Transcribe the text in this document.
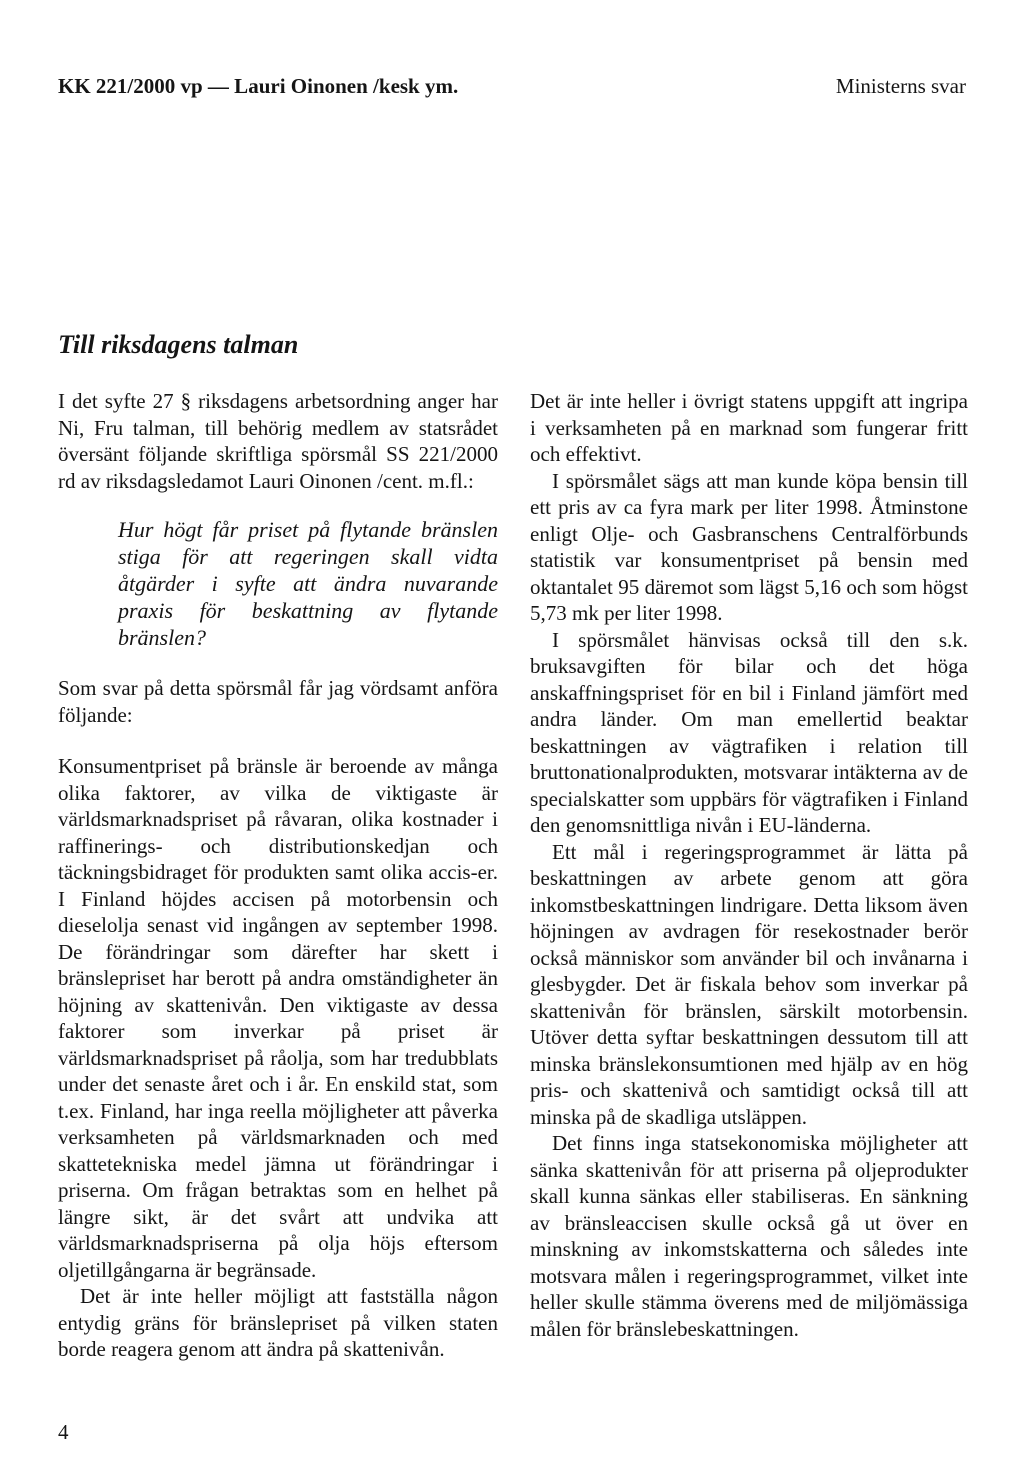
KK 221/2000 vp — Lauri Oinonen /kesk ym.	Ministerns svar
Till riksdagens talman

I det syfte 27 § riksdagens arbetsordning anger har Ni, Fru talman, till behörig medlem av statsrådet översänt följande skriftliga spörsmål SS 221/2000 rd av riksdagsledamot Lauri Oinonen /cent. m.fl.:

Hur högt får priset på flytande bränslen stiga för att regeringen skall vidta åtgärder i syfte att ändra nuvarande praxis för beskattning av flytande bränslen?

Som svar på detta spörsmål får jag vördsamt anföra följande:

Konsumentpriset på bränsle är beroende av många olika faktorer, av vilka de viktigaste är världsmarknadspriset på råvaran, olika kostnader i raffinerings- och distributionskedjan och täckningsbidraget för produkten samt olika accis-er. I Finland höjdes accisen på motorbensin och dieselolja senast vid ingången av september 1998. De förändringar som därefter har skett i bränslepriset har berott på andra omständigheter än höjning av skattenivån. Den viktigaste av dessa faktorer som inverkar på priset är världsmarknadspriset på råolja, som har tredubblats under det senaste året och i år. En enskild stat, som t.ex. Finland, har inga reella möjligheter att påverka verksamheten på världsmarknaden och med skattetekniska medel jämna ut förändringar i priserna. Om frågan betraktas som en helhet på längre sikt, är det svårt att undvika att världsmarknadspriserna på olja höjs eftersom oljetillgångarna är begränsade.

Det är inte heller möjligt att fastställa någon entydig gräns för bränslepriset på vilken staten borde reagera genom att ändra på skattenivån.

Det är inte heller i övrigt statens uppgift att ingripa i verksamheten på en marknad som fungerar fritt och effektivt.

I spörsmålet sägs att man kunde köpa bensin till ett pris av ca fyra mark per liter 1998. Åtminstone enligt Olje- och Gasbranschens Centralförbunds statistik var konsumentpriset på bensin med oktantalet 95 däremot som lägst 5,16 och som högst 5,73 mk per liter 1998.

I spörsmålet hänvisas också till den s.k. bruksavgiften för bilar och det höga anskaffningspriset för en bil i Finland jämfört med andra länder. Om man emellertid beaktar beskattningen av vägtrafiken i relation till bruttonationalprodukten, motsvarar intäkterna av de specialskatter som uppbärs för vägtrafiken i Finland den genomsnittliga nivån i EU-länderna.

Ett mål i regeringsprogrammet är lätta på beskattningen av arbete genom att göra inkomstbeskattningen lindrigare. Detta liksom även höjningen av avdragen för resekostnader berör också människor som använder bil och invånarna i glesbygder. Det är fiskala behov som inverkar på skattenivån för bränslen, särskilt motorbensin. Utöver detta syftar beskattningen dessutom till att minska bränslekonsumtionen med hjälp av en hög pris- och skattenivå och samtidigt också till att minska på de skadliga utsläppen.

Det finns inga statsekonomiska möjligheter att sänka skattenivån för att priserna på oljeprodukter skall kunna sänkas eller stabiliseras. En sänkning av bränsleaccisen skulle också gå ut över en minskning av inkomstskatterna och således inte motsvara målen i regeringsprogrammet, vilket inte heller skulle stämma överens med de miljömässiga målen för bränslebeskattningen.

4
